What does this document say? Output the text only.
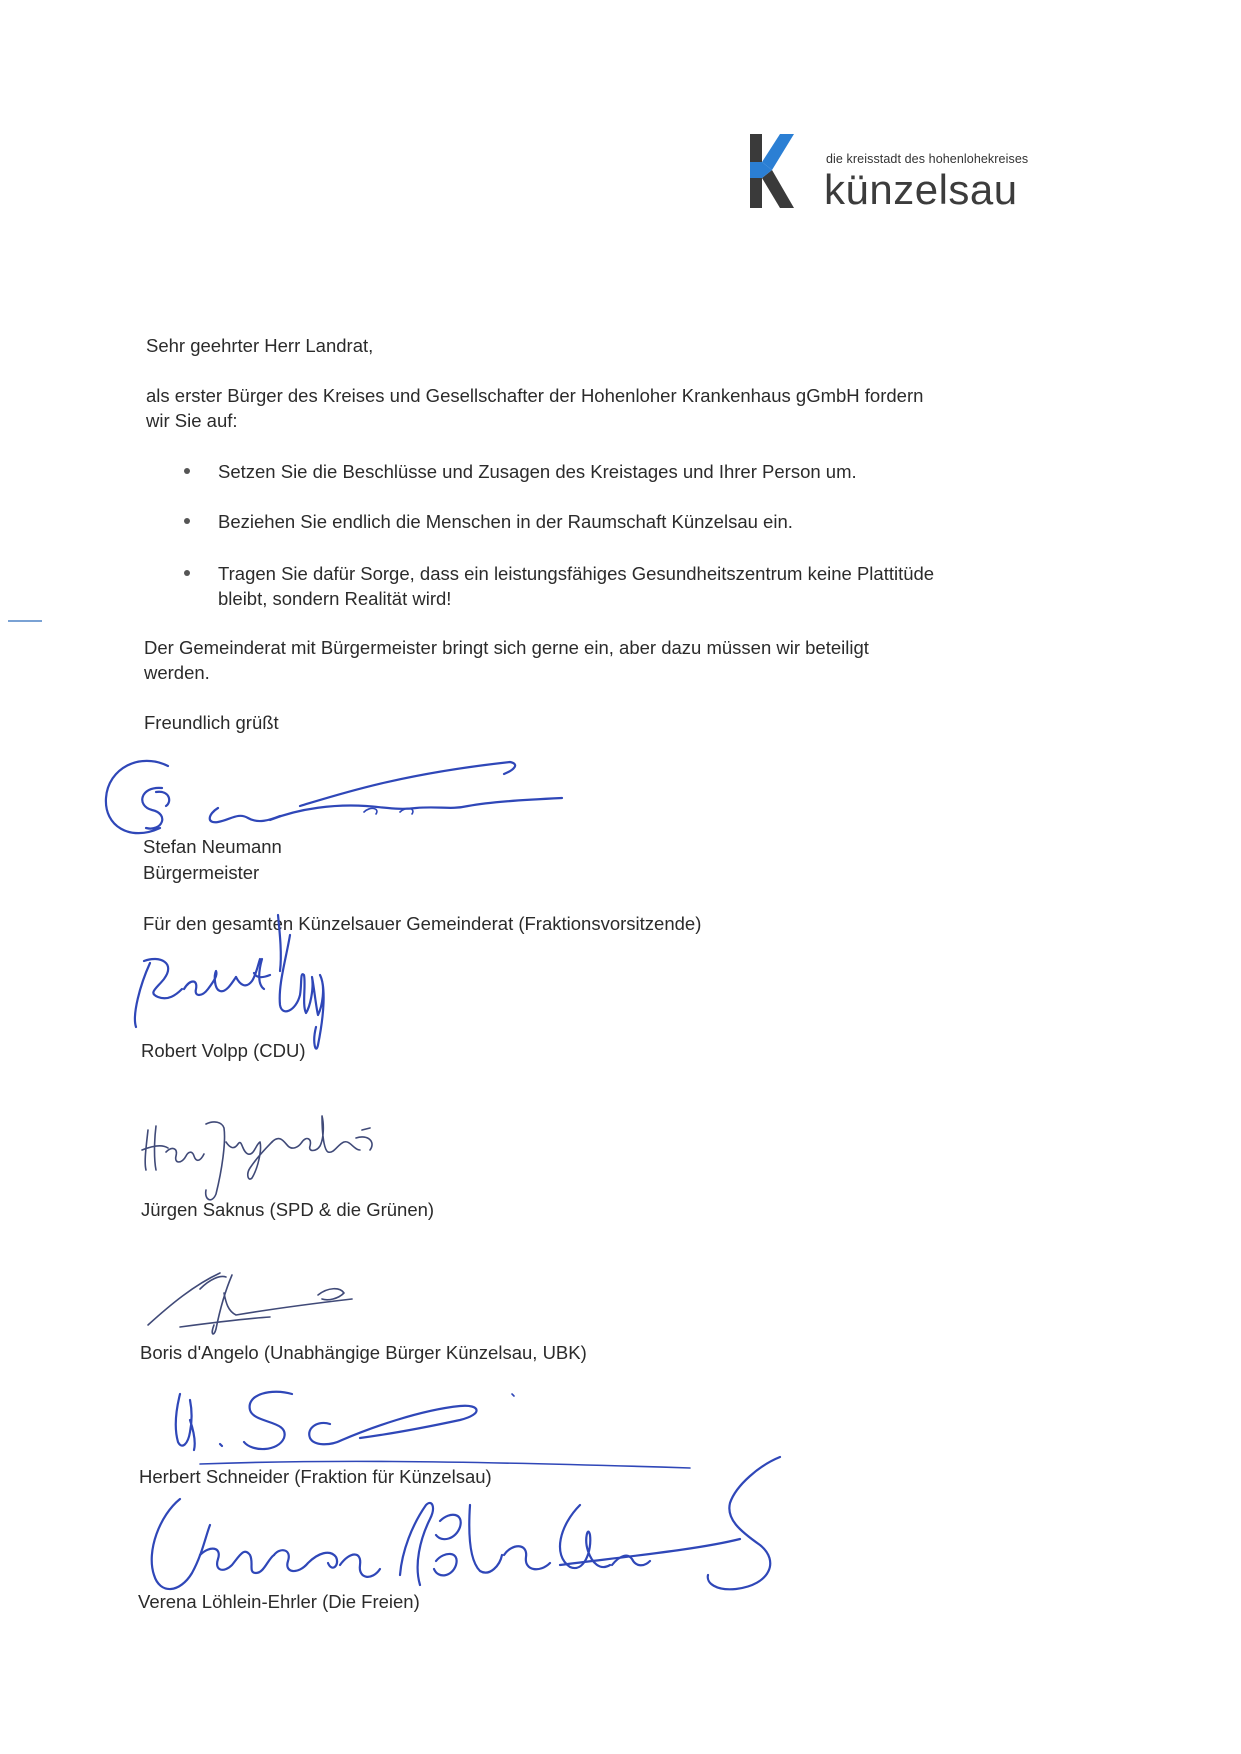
die kreisstadt des hohenlohekreises
künzelsau
Sehr geehrter Herr Landrat,
als erster Bürger des Kreises und Gesellschafter der Hohenloher Krankenhaus gGmbH fordern
wir Sie auf:
Setzen Sie die Beschlüsse und Zusagen des Kreistages und Ihrer Person um.
Beziehen Sie endlich die Menschen in der Raumschaft Künzelsau ein.
Tragen Sie dafür Sorge, dass ein leistungsfähiges Gesundheitszentrum keine Plattitüde
bleibt, sondern Realität wird!
Der Gemeinderat mit Bürgermeister bringt sich gerne ein, aber dazu müssen wir beteiligt
werden.
Freundlich grüßt
Stefan Neumann
Bürgermeister
Für den gesamten Künzelsauer Gemeinderat (Fraktionsvorsitzende)
Robert Volpp (CDU)
Jürgen Saknus (SPD & die Grünen)
Boris d'Angelo (Unabhängige Bürger Künzelsau, UBK)
Herbert Schneider (Fraktion für Künzelsau)
Verena Löhlein-Ehrler (Die Freien)
